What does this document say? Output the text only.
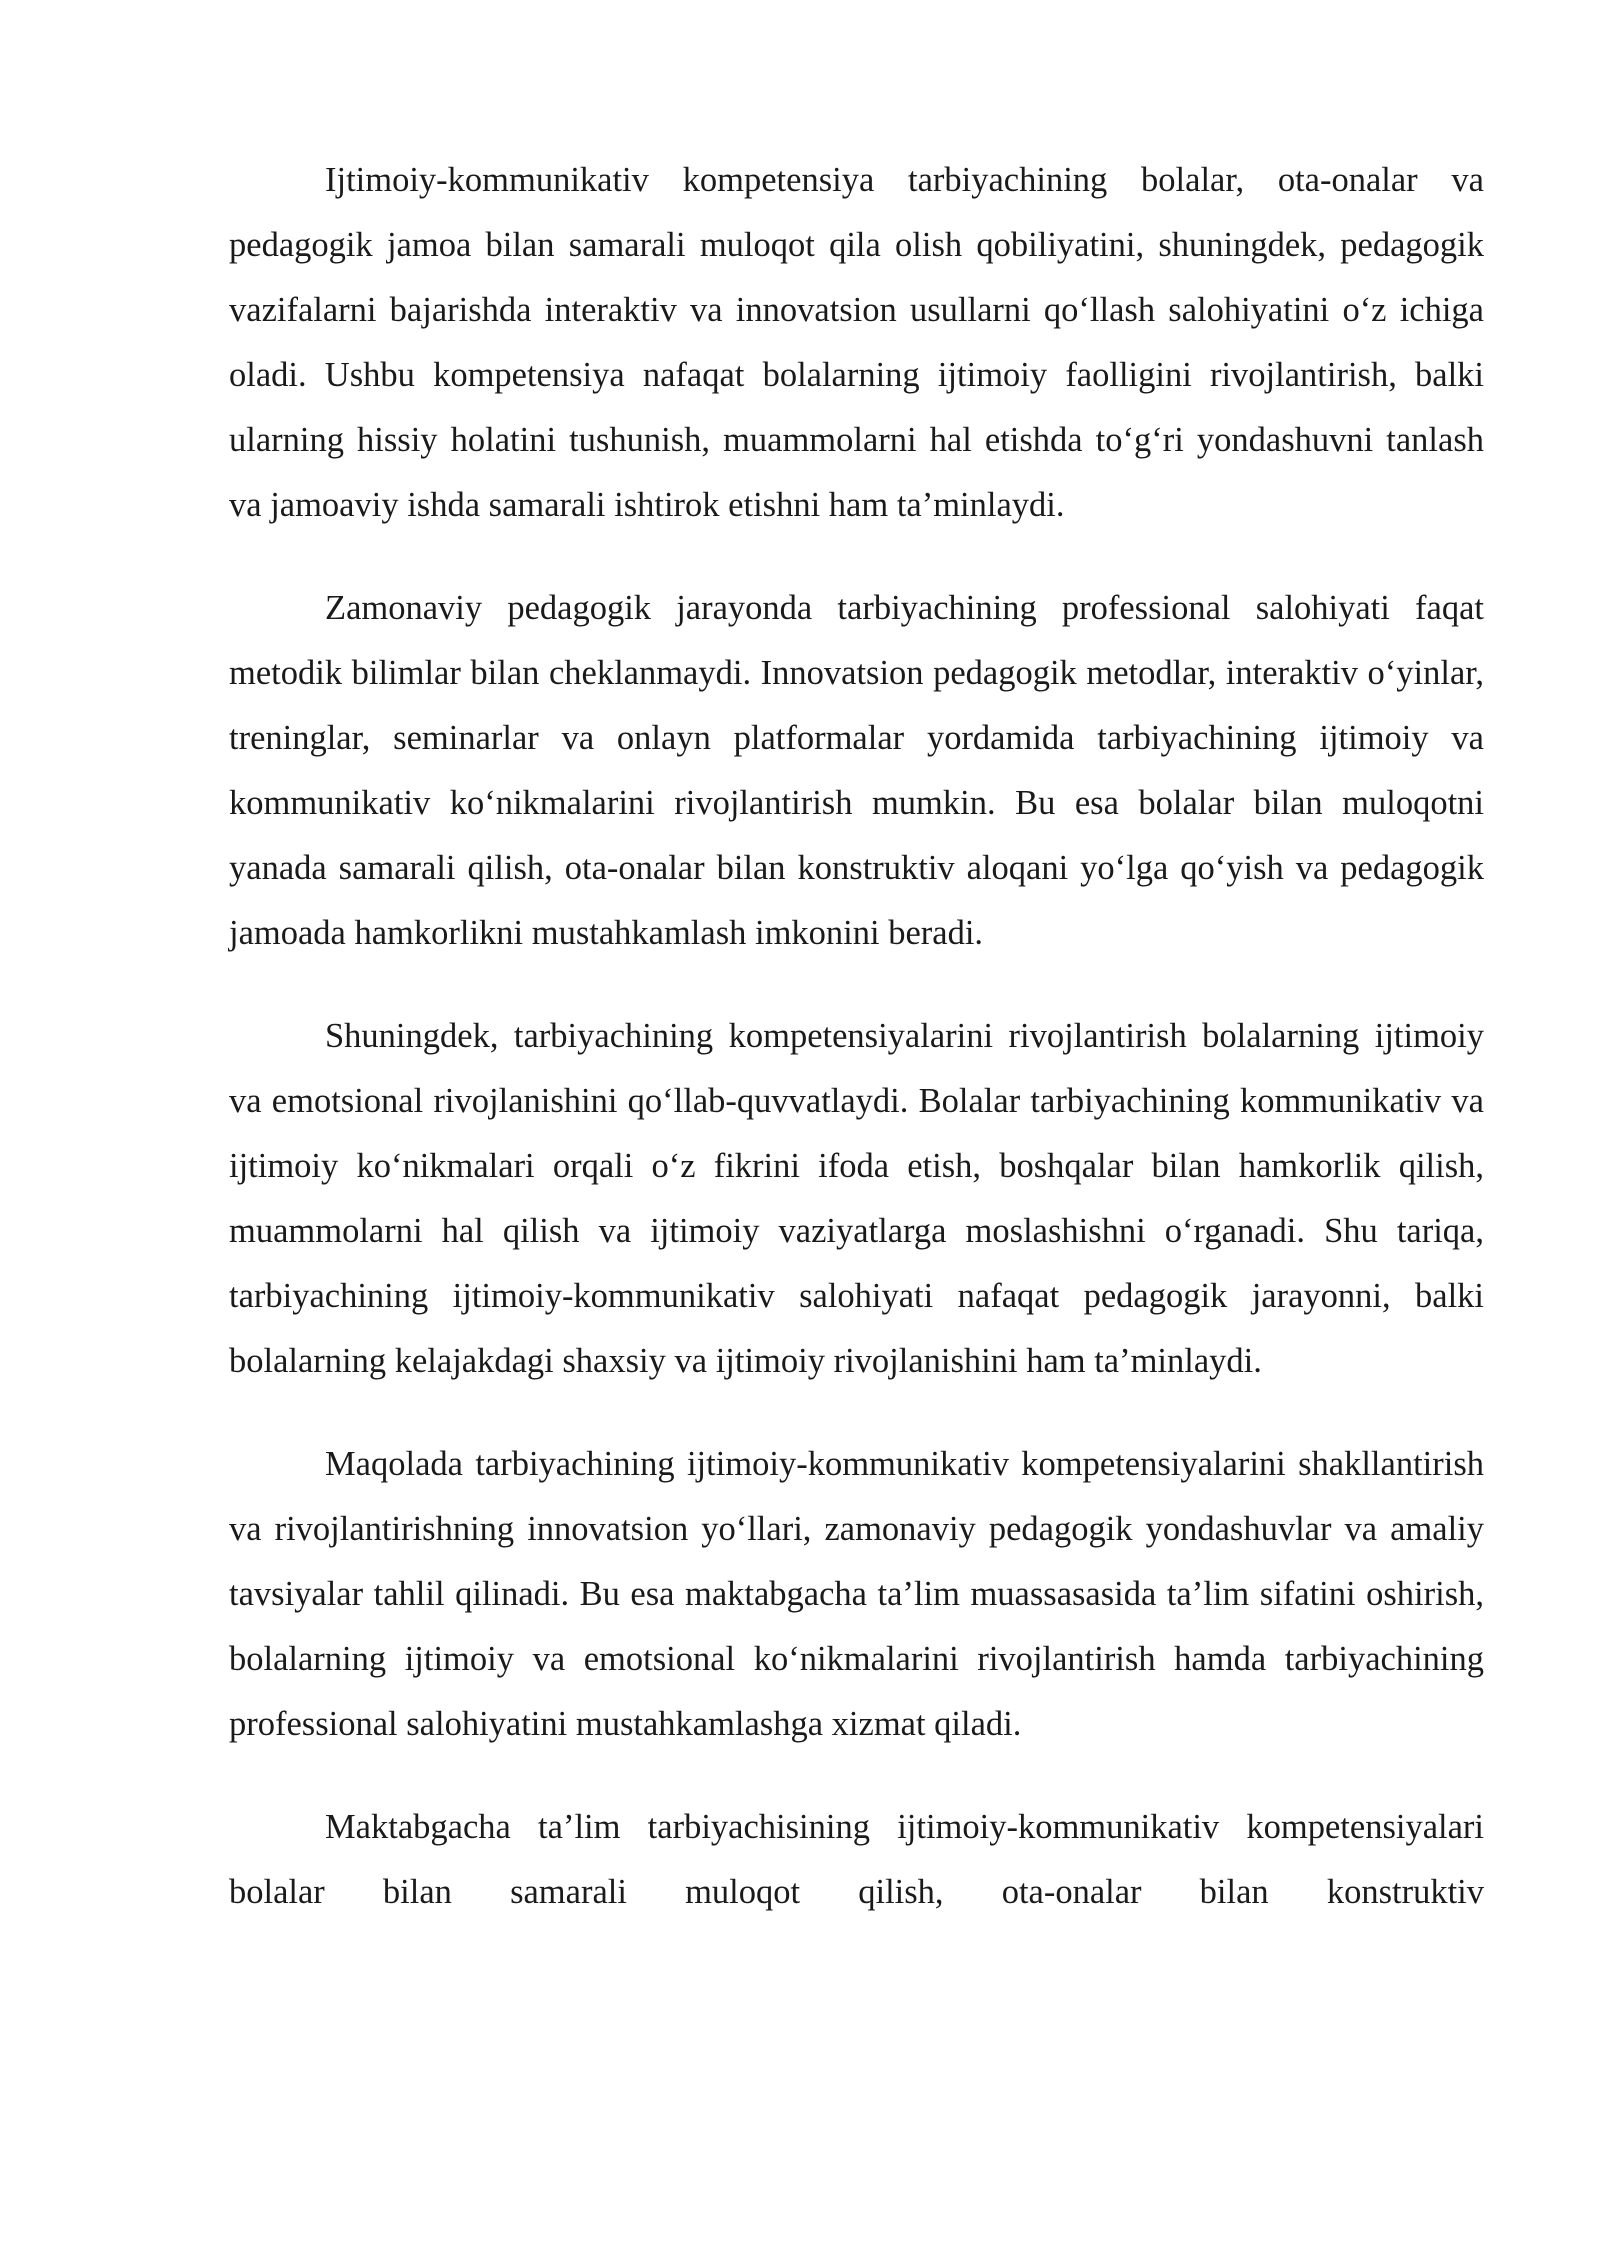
Ijtimoiy-kommunikativ kompetensiya tarbiyachining bolalar, ota-onalar va pedagogik jamoa bilan samarali muloqot qila olish qobiliyatini, shuningdek, pedagogik vazifalarni bajarishda interaktiv va innovatsion usullarni qo‘llash salohiyatini o‘z ichiga oladi. Ushbu kompetensiya nafaqat bolalarning ijtimoiy faolligini rivojlantirish, balki ularning hissiy holatini tushunish, muammolarni hal etishda to‘g‘ri yondashuvni tanlash va jamoaviy ishda samarali ishtirok etishni ham ta’minlaydi.

Zamonaviy pedagogik jarayonda tarbiyachining professional salohiyati faqat metodik bilimlar bilan cheklanmaydi. Innovatsion pedagogik metodlar, interaktiv o‘yinlar, treninglar, seminarlar va onlayn platformalar yordamida tarbiyachining ijtimoiy va kommunikativ ko‘nikmalarini rivojlantirish mumkin. Bu esa bolalar bilan muloqotni yanada samarali qilish, ota-onalar bilan konstruktiv aloqani yo‘lga qo‘yish va pedagogik jamoada hamkorlikni mustahkamlash imkonini beradi.

Shuningdek, tarbiyachining kompetensiyalarini rivojlantirish bolalarning ijtimoiy va emotsional rivojlanishini qo‘llab-quvvatlaydi. Bolalar tarbiyachining kommunikativ va ijtimoiy ko‘nikmalari orqali o‘z fikrini ifoda etish, boshqalar bilan hamkorlik qilish, muammolarni hal qilish va ijtimoiy vaziyatlarga moslashishni o‘rganadi. Shu tariqa, tarbiyachining ijtimoiy-kommunikativ salohiyati nafaqat pedagogik jarayonni, balki bolalarning kelajakdagi shaxsiy va ijtimoiy rivojlanishini ham ta’minlaydi.

Maqolada tarbiyachining ijtimoiy-kommunikativ kompetensiyalarini shakllantirish va rivojlantirishning innovatsion yo‘llari, zamonaviy pedagogik yondashuvlar va amaliy tavsiyalar tahlil qilinadi. Bu esa maktabgacha ta’lim muassasasida ta’lim sifatini oshirish, bolalarning ijtimoiy va emotsional ko‘nikmalarini rivojlantirish hamda tarbiyachining professional salohiyatini mustahkamlashga xizmat qiladi.

Maktabgacha ta’lim tarbiyachisining ijtimoiy-kommunikativ kompetensiyalari bolalar bilan samarali muloqot qilish, ota-onalar bilan konstruktiv
